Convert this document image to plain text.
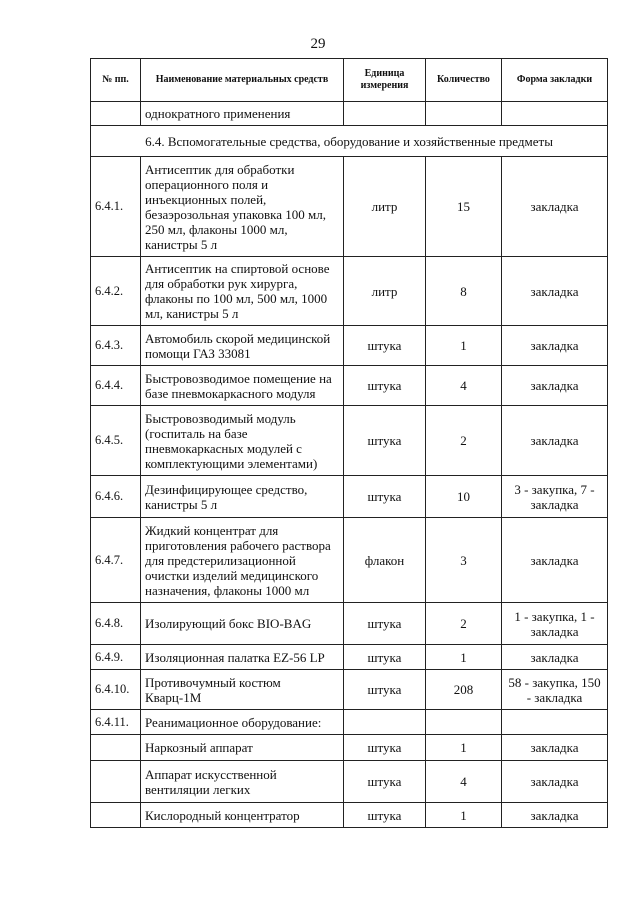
29
№ пп.	Наименование материальных средств	Единица измерения	Количество	Форма закладки
	однократного применения			
6.4. Вспомогательные средства, оборудование и хозяйственные предметы				
6.4.1.	Антисептик для обработки операционного поля и инъекционных полей, безаэрозольная упаковка 100 мл, 250 мл, флаконы 1000 мл, канистры 5 л	литр	15	закладка
6.4.2.	Антисептик на спиртовой основе для обработки рук хирурга, флаконы по 100 мл, 500 мл, 1000 мл, канистры 5 л	литр	8	закладка
6.4.3.	Автомобиль скорой медицинской помощи ГАЗ 33081	штука	1	закладка
6.4.4.	Быстровозводимое помещение на базе пневмокаркасного модуля	штука	4	закладка
6.4.5.	Быстровозводимый модуль (госпиталь на базе пневмокаркасных модулей с комплектующими элементами)	штука	2	закладка
6.4.6.	Дезинфицирующее средство, канистры 5 л	штука	10	3 - закупка, 7 - закладка
6.4.7.	Жидкий концентрат для приготовления рабочего раствора для предстерилизационной очистки изделий медицинского назначения, флаконы 1000 мл	флакон	3	закладка
6.4.8.	Изолирующий бокс BIO-BAG	штука	2	1 - закупка, 1 - закладка
6.4.9.	Изоляционная палатка EZ-56 LP	штука	1	закладка
6.4.10.	Противочумный костюм Кварц-1М	штука	208	58 - закупка, 150 - закладка
6.4.11.	Реанимационное оборудование:			
	Наркозный аппарат	штука	1	закладка
	Аппарат искусственной вентиляции легких	штука	4	закладка
	Кислородный концентратор	штука	1	закладка
